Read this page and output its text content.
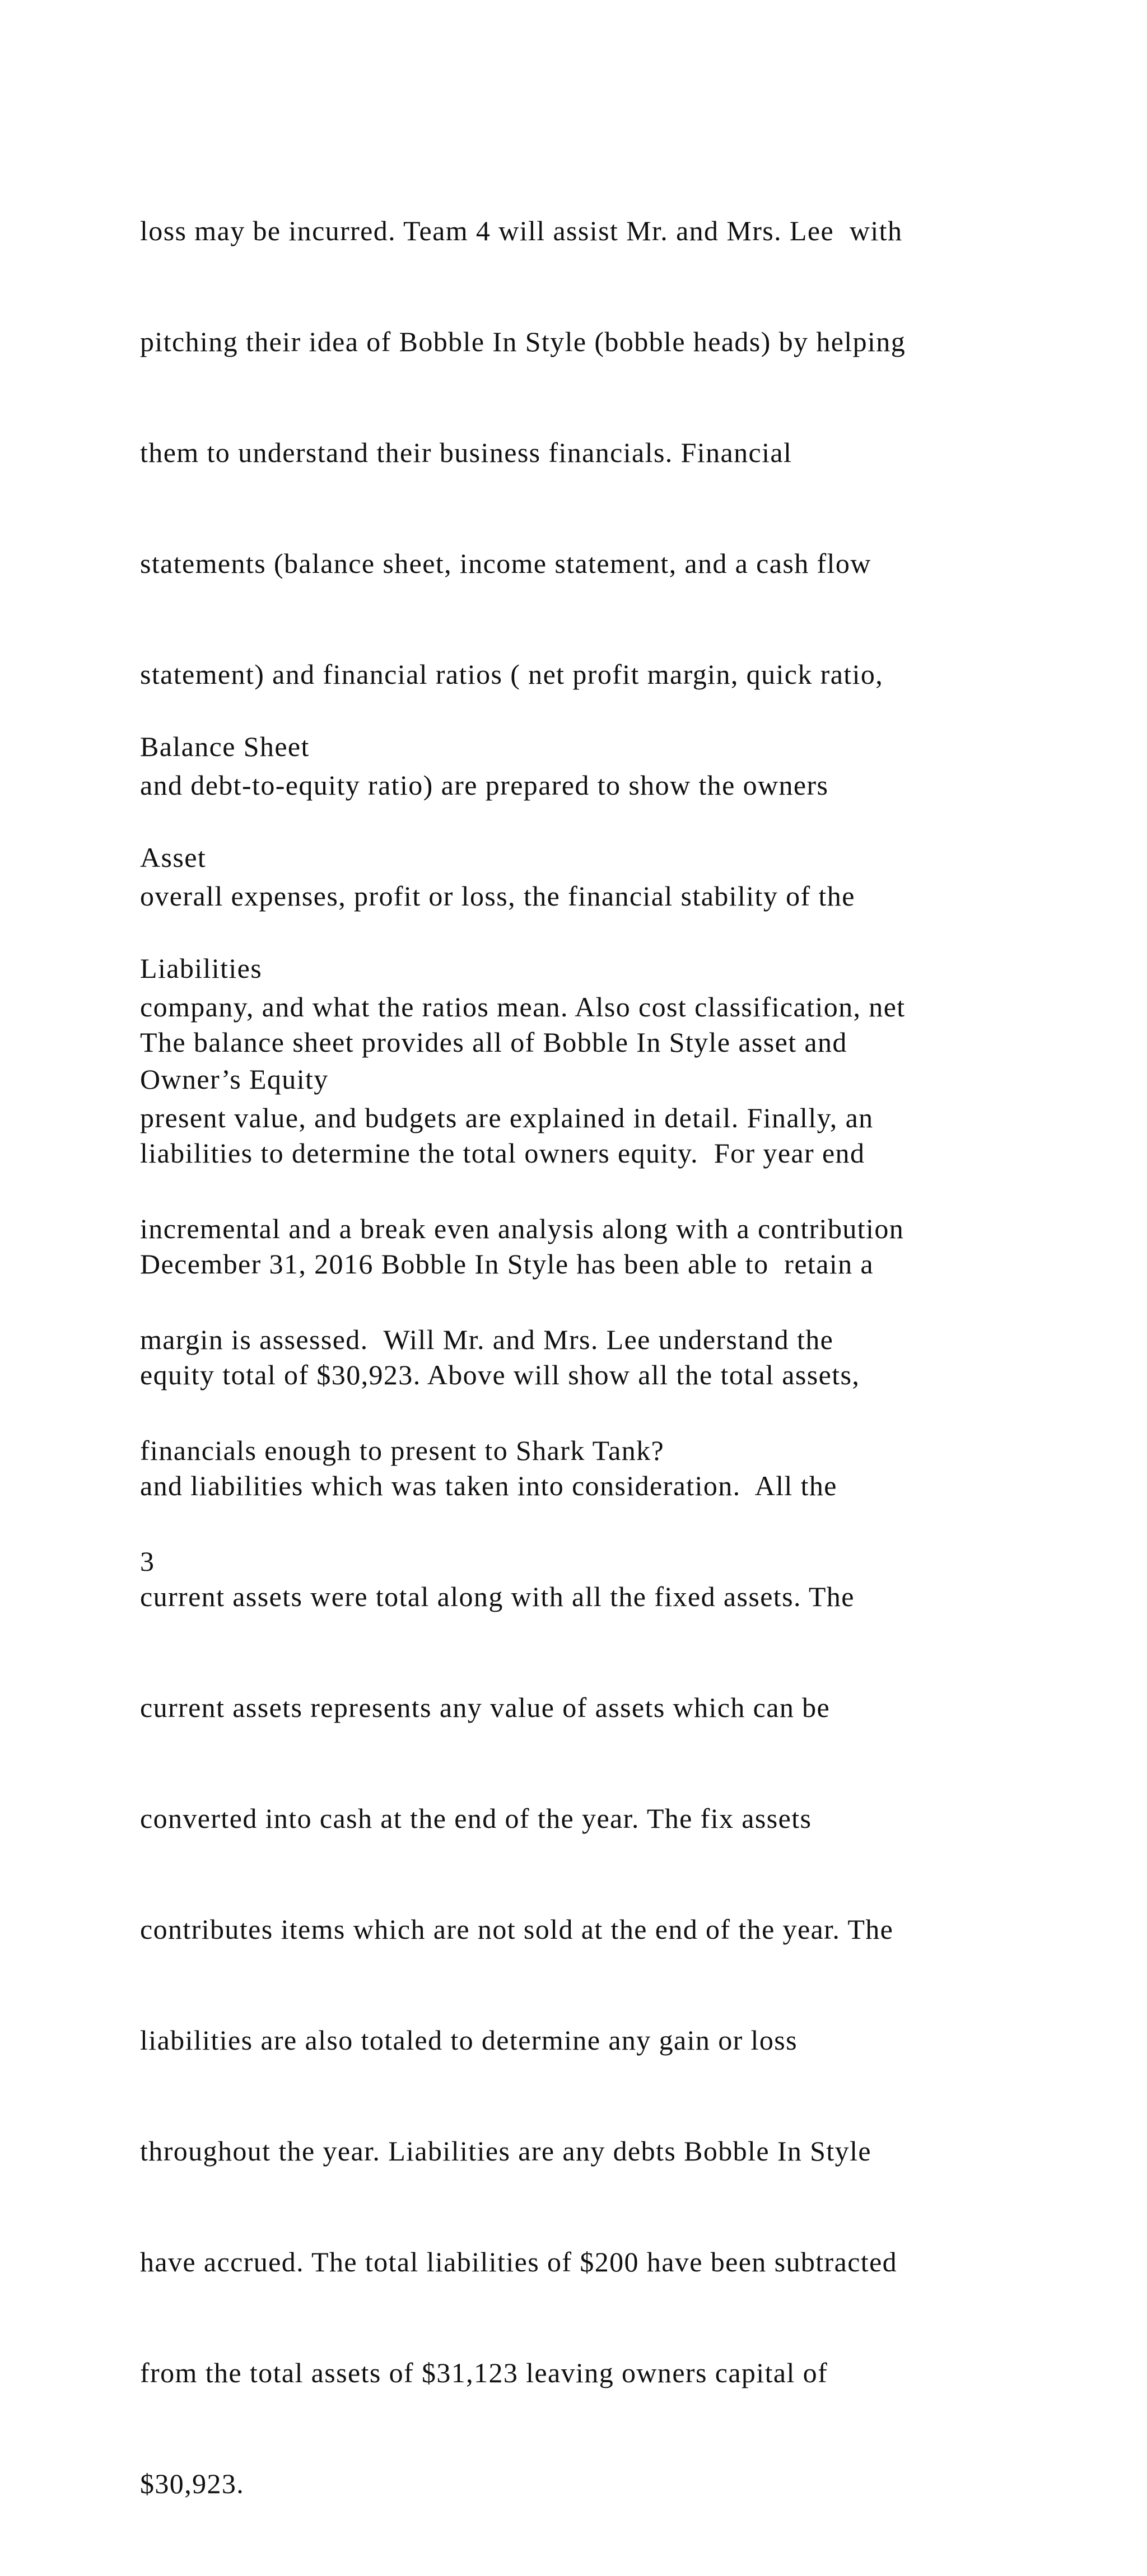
loss may be incurred. Team 4 will assist Mr. and Mrs. Lee  with

pitching their idea of Bobble In Style (bobble heads) by helping

them to understand their business financials. Financial

statements (balance sheet, income statement, and a cash flow

statement) and financial ratios ( net profit margin, quick ratio,

and debt-to-equity ratio) are prepared to show the owners

overall expenses, profit or loss, the financial stability of the

company, and what the ratios mean. Also cost classification, net

present value, and budgets are explained in detail. Finally, an

incremental and a break even analysis along with a contribution

margin is assessed.  Will Mr. and Mrs. Lee understand the

financials enough to present to Shark Tank?

3

Balance Sheet

Asset

Liabilities

Owner’s Equity

The balance sheet provides all of Bobble In Style asset and

liabilities to determine the total owners equity.  For year end

December 31, 2016 Bobble In Style has been able to  retain a

equity total of $30,923. Above will show all the total assets,

and liabilities which was taken into consideration.  All the

current assets were total along with all the fixed assets. The

current assets represents any value of assets which can be

converted into cash at the end of the year. The fix assets

contributes items which are not sold at the end of the year. The

liabilities are also totaled to determine any gain or loss

throughout the year. Liabilities are any debts Bobble In Style

have accrued. The total liabilities of $200 have been subtracted

from the total assets of $31,123 leaving owners capital of

$30,923.
